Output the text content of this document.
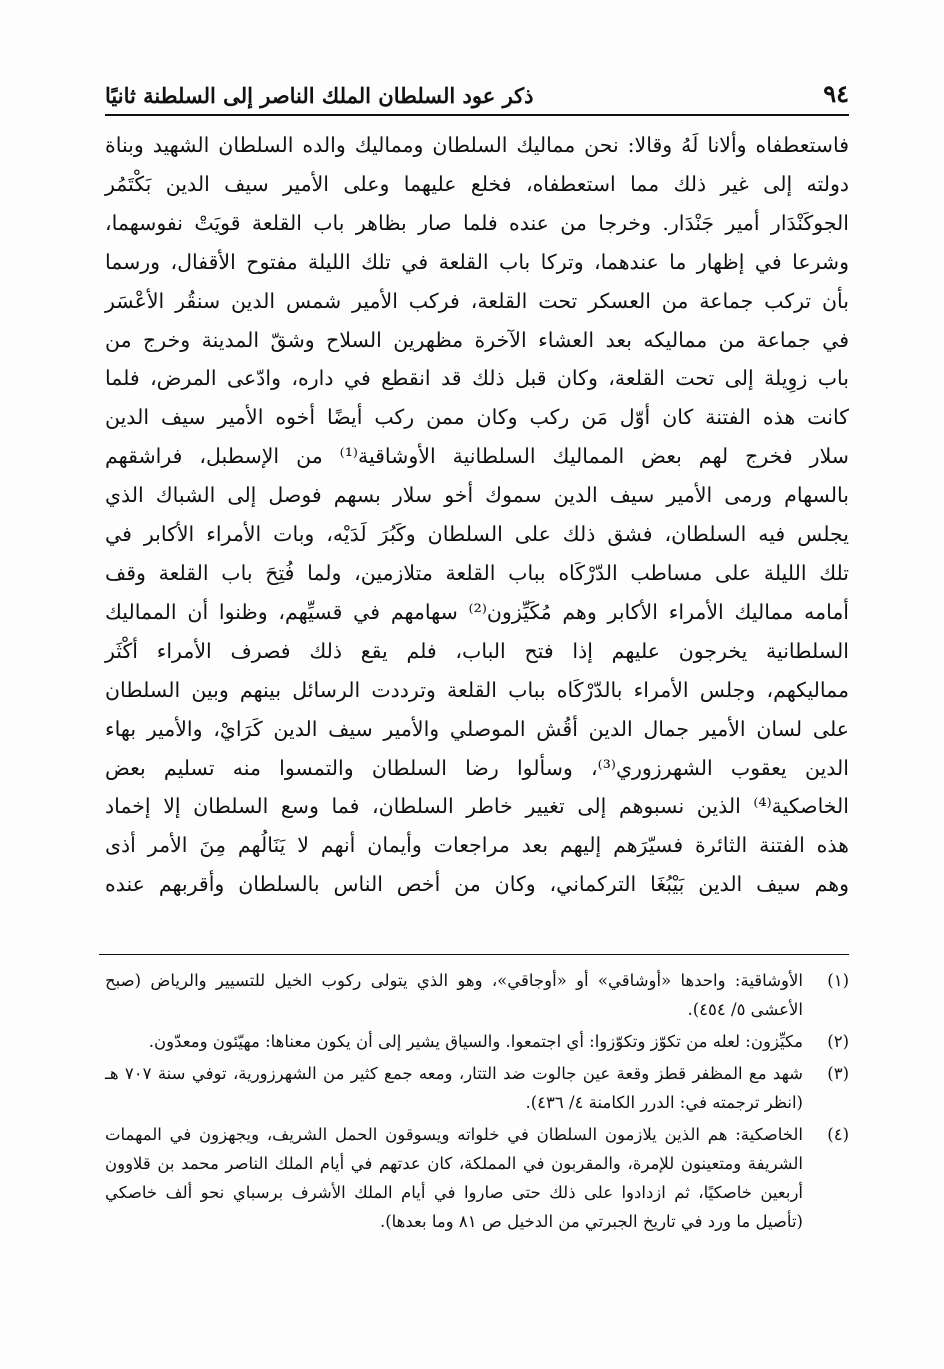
٩٤
ذكر عود السلطان الملك الناصر إلى السلطنة ثانيًا
فاستعطفاه وألانا لَهُ وقالا: نحن مماليك السلطان ومماليك والده السلطان الشهيد وبناة
دولته إلى غير ذلك مما استعطفاه، فخلع عليهما وعلى الأمير سيف الدين بَكْتَمُر
الجوكَنْدَار أمير جَنْدَار. وخرجا من عنده فلما صار بظاهر باب القلعة قويَتْ نفوسهما،
وشرعا في إظهار ما عندهما، وتركا باب القلعة في تلك الليلة مفتوح الأقفال، ورسما
بأن تركب جماعة من العسكر تحت القلعة، فركب الأمير شمس الدين سنقُر الأعْسَر
في جماعة من مماليكه بعد العشاء الآخرة مظهرين السلاح وشقّ المدينة وخرج من
باب زوِيلة إلى تحت القلعة، وكان قبل ذلك قد انقطع في داره، وادّعى المرض، فلما
كانت هذه الفتنة كان أوّل مَن ركب وكان ممن ركب أيضًا أخوه الأمير سيف الدين
سلار فخرج لهم بعض المماليك السلطانية الأوشاقية⁽¹⁾ من الإسطبل، فراشقهم
بالسهام ورمى الأمير سيف الدين سموك أخو سلار بسهم فوصل إلى الشباك الذي
يجلس فيه السلطان، فشق ذلك على السلطان وكَبُرَ لَدَيْه، وبات الأمراء الأكابر في
تلك الليلة على مساطب الدّرْكَاه بباب القلعة متلازمين، ولما فُتِحَ باب القلعة وقف
أمامه مماليك الأمراء الأكابر وهم مُكَيِّزون⁽²⁾ سهامهم في قسيِّهم، وظنوا أن المماليك
السلطانية يخرجون عليهم إذا فتح الباب، فلم يقع ذلك فصرف الأمراء أكْثَر
مماليكهم، وجلس الأمراء بالدّرْكَاه بباب القلعة وترددت الرسائل بينهم وبين السلطان
على لسان الأمير جمال الدين أقُش الموصلي والأمير سيف الدين كَرَايْ، والأمير بهاء
الدين يعقوب الشهرزوري⁽³⁾، وسألوا رضا السلطان والتمسوا منه تسليم بعض
الخاصكية⁽⁴⁾ الذين نسبوهم إلى تغيير خاطر السلطان، فما وسع السلطان إلا إخماد
هذه الفتنة الثائرة فسيّرَهم إليهم بعد مراجعات وأيمان أنهم لا يَنَالُهم مِنَ الأمر أذى
وهم سيف الدين بَيْبُغَا التركماني، وكان من أخص الناس بالسلطان وأقربهم عنده
(١)
الأوشاقية: واحدها «أوشاقي» أو «أوجاقي»، وهو الذي يتولى ركوب الخيل للتسيير والرياض (صبح الأعشى ٥/ ٤٥٤).
(٢)
مكيِّزون: لعله من تكوّز وتكوّزوا: أي اجتمعوا. والسياق يشير إلى أن يكون معناها: مهيّئون ومعدّون.
(٣)
شهد مع المظفر قطز وقعة عين جالوت ضد التتار، ومعه جمع كثير من الشهرزورية، توفي سنة ٧٠٧ هـ (انظر ترجمته في: الدرر الكامنة ٤/ ٤٣٦).
(٤)
الخاصكية: هم الذين يلازمون السلطان في خلواته ويسوقون الحمل الشريف، ويجهزون في المهمات الشريفة ومتعينون للإمرة، والمقربون في المملكة، كان عدتهم في أيام الملك الناصر محمد بن قلاوون أربعين خاصكيًا، ثم ازدادوا على ذلك حتى صاروا في أيام الملك الأشرف برسباي نحو ألف خاصكي (تأصيل ما ورد في تاريخ الجبرتي من الدخيل ص ٨١ وما بعدها).
